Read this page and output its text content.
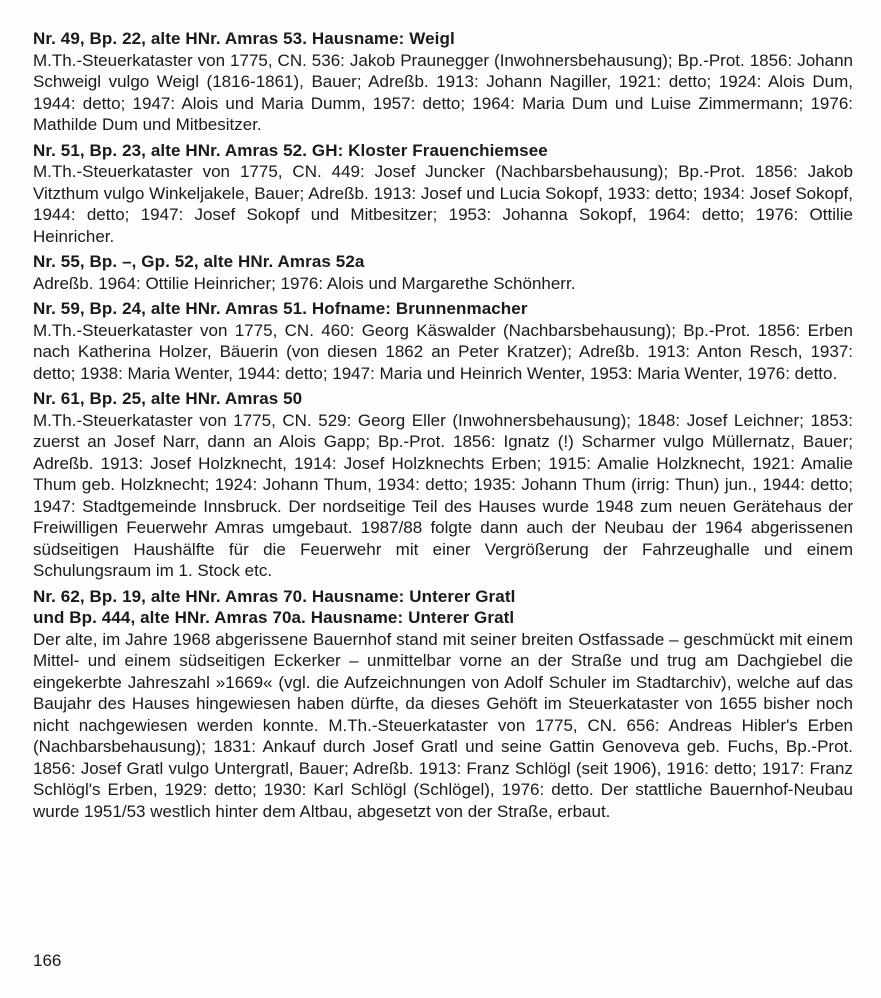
Nr. 49, Bp. 22, alte HNr. Amras 53. Hausname: Weigl
M.Th.-Steuerkataster von 1775, CN. 536: Jakob Praunegger (Inwohnersbehausung); Bp.-Prot. 1856: Johann Schweigl vulgo Weigl (1816-1861), Bauer; Adreßb. 1913: Johann Nagiller, 1921: detto; 1924: Alois Dum, 1944: detto; 1947: Alois und Maria Dumm, 1957: detto; 1964: Maria Dum und Luise Zimmermann; 1976: Mathilde Dum und Mitbesitzer.
Nr. 51, Bp. 23, alte HNr. Amras 52. GH: Kloster Frauenchiemsee
M.Th.-Steuerkataster von 1775, CN. 449: Josef Junckег (Nachbarsbehausung); Bp.-Prot. 1856: Jakob Vitzthum vulgo Winkeljakele, Bauer; Adreßb. 1913: Josef und Lucia Sokopf, 1933: detto; 1934: Josef Sokopf, 1944: detto; 1947: Josef Sokopf und Mitbesitzer; 1953: Johanna Sokopf, 1964: detto; 1976: Ottilie Heinricher.
Nr. 55, Bp. –, Gp. 52, alte HNr. Amras 52a
Adreßb. 1964: Ottilie Heinricher; 1976: Alois und Margarethe Schönherr.
Nr. 59, Bp. 24, alte HNr. Amras 51. Hofname: Brunnenmacher
M.Th.-Steuerkataster von 1775, CN. 460: Georg Käswalder (Nachbarsbehausung); Bp.-Prot. 1856: Erben nach Katherina Holzer, Bäuerin (von diesen 1862 an Peter Kratzer); Adreßb. 1913: Anton Resch, 1937: detto; 1938: Maria Wenter, 1944: detto; 1947: Maria und Heinrich Wenter, 1953: Maria Wenter, 1976: detto.
Nr. 61, Bp. 25, alte HNr. Amras 50
M.Th.-Steuerkataster von 1775, CN. 529: Georg Eller (Inwohnersbehausung); 1848: Josef Leichner; 1853: zuerst an Josef Narr, dann an Alois Gapp; Bp.-Prot. 1856: Ignatz (!) Scharmer vulgo Müllernatz, Bauer; Adreßb. 1913: Josef Holzknecht, 1914: Josef Holzknechts Erben; 1915: Amalie Holzknecht, 1921: Amalie Thum geb. Holzknecht; 1924: Johann Thum, 1934: detto; 1935: Johann Thum (irrig: Thun) jun., 1944: detto; 1947: Stadtgemeinde Innsbruck. Der nordseitige Teil des Hauses wurde 1948 zum neuen Gerätehaus der Freiwilligen Feuerwehr Amras umgebaut. 1987/88 folgte dann auch der Neubau der 1964 abgerissenen südseitigen Haushälfte für die Feuerwehr mit einer Vergrößerung der Fahrzeughalle und einem Schulungsraum im 1. Stock etc.
Nr. 62, Bp. 19, alte HNr. Amras 70. Hausname: Unterer Gratl
und Bp. 444, alte HNr. Amras 70a. Hausname: Unterer Gratl
Der alte, im Jahre 1968 abgerissene Bauernhof stand mit seiner breiten Ostfassade – geschmückt mit einem Mittel- und einem südseitigen Eckerker – unmittelbar vorne an der Straße und trug am Dachgiebel die eingekerbte Jahreszahl »1669« (vgl. die Aufzeichnungen von Adolf Schuler im Stadtarchiv), welche auf das Baujahr des Hauses hingewiesen haben dürfte, da dieses Gehöft im Steuerkataster von 1655 bisher noch nicht nachgewiesen werden konnte. M.Th.-Steuerkataster von 1775, CN. 656: Andreas Hibler's Erben (Nachbarsbehausung); 1831: Ankauf durch Josef Gratl und seine Gattin Genoveva geb. Fuchs, Bp.-Prot. 1856: Josef Gratl vulgo Untergratl, Bauer; Adreßb. 1913: Franz Schlögl (seit 1906), 1916: detto; 1917: Franz Schlögl's Erben, 1929: detto; 1930: Karl Schlögl (Schlögel), 1976: detto. Der stattliche Bauernhof-Neubau wurde 1951/53 westlich hinter dem Altbau, abgesetzt von der Straße, erbaut.
166
